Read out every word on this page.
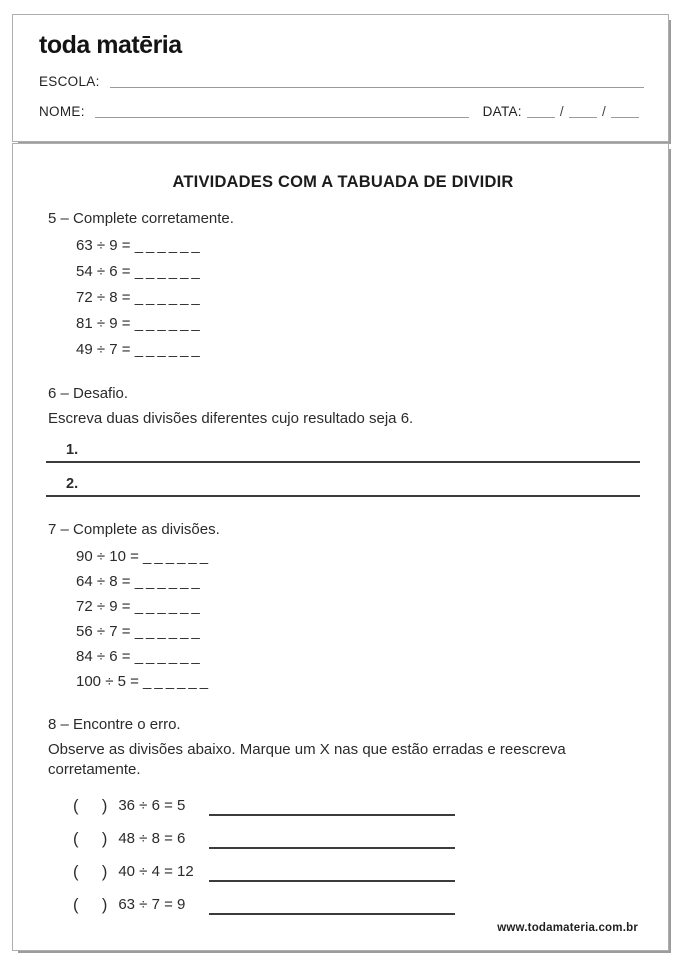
toda matēria
ESCOLA:
NOME:	DATA:	/	/
ATIVIDADES COM A TABUADA DE DIVIDIR
5 – Complete corretamente.
63 ÷ 9 = ______
54 ÷ 6 = ______
72 ÷ 8 = ______
81 ÷ 9 = ______
49 ÷ 7 = ______
6 – Desafio.
Escreva duas divisões diferentes cujo resultado seja 6.
1.
2.
7 – Complete as divisões.
90 ÷ 10 = ______
64 ÷ 8 = ______
72 ÷ 9 = ______
56 ÷ 7 = ______
84 ÷ 6 = ______
100 ÷ 5 = ______
8 – Encontre o erro.
Observe as divisões abaixo. Marque um X nas que estão erradas e reescreva corretamente.
(    ) 36 ÷ 6 = 5
(    ) 48 ÷ 8 = 6
(    ) 40 ÷ 4 = 12
(    ) 63 ÷ 7 = 9
www.todamateria.com.br
